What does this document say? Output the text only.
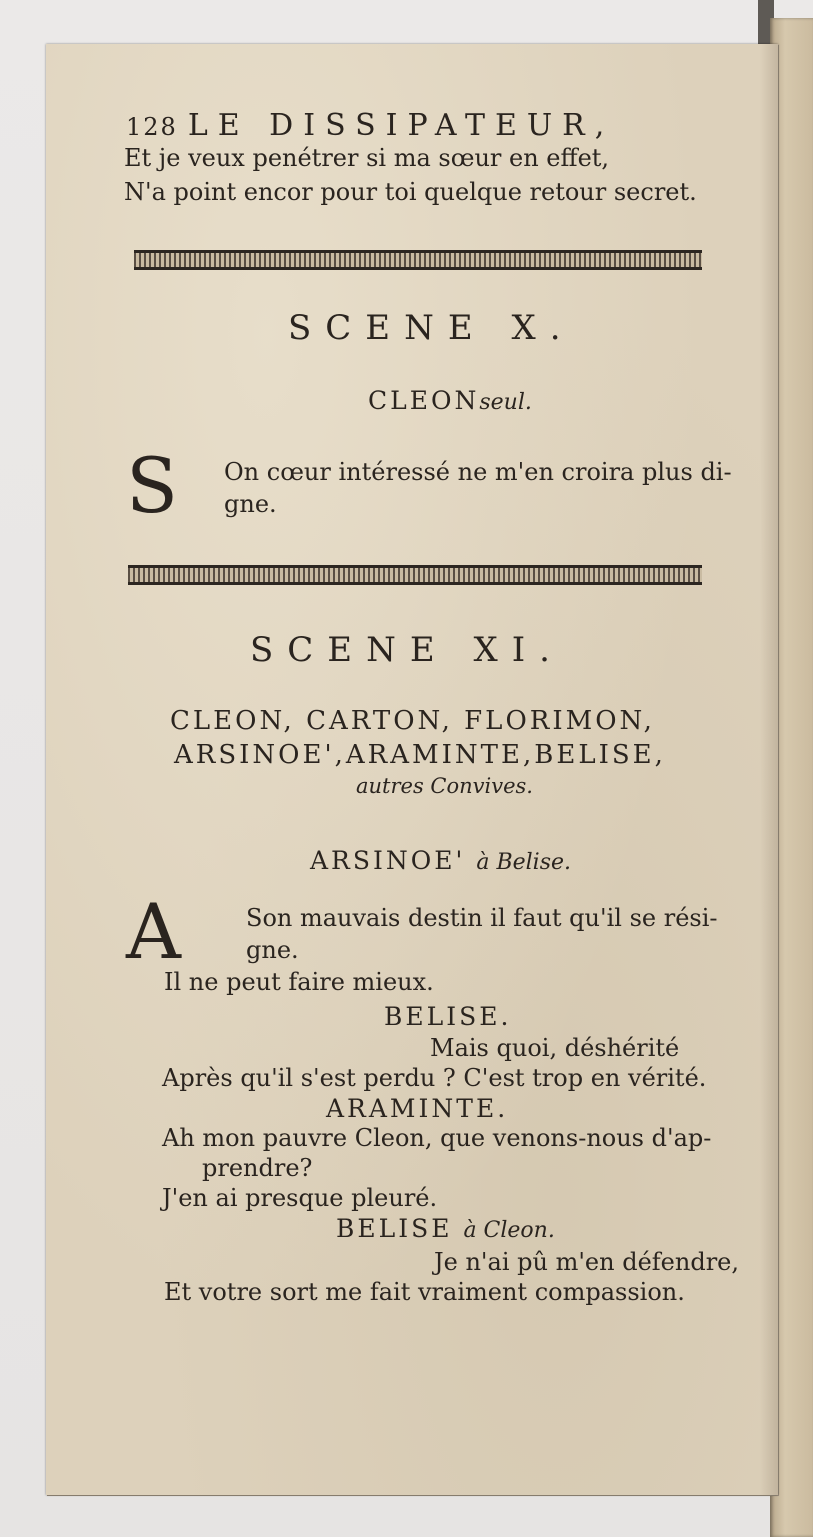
128 LE DISSIPATEUR,
Et je veux penétrer si ma sœur en effet,
N'a point encor pour toi quelque retour secret.
SCENE X.
CLEONseul.
S On cœur intéressé ne m'en croira plus di-
gne.
SCENE XI.
CLEON, CARTON, FLORIMON,
ARSINOE',ARAMINTE,BELISE,
autres Convives.
ARSINOE' à Belise.
A	Son mauvais destin il faut qu'il se rési-
gne.
Il ne peut faire mieux.
BELISE.
Mais quoi, déshérité
Après qu'il s'est perdu ? C'est trop en vérité.
ARAMINTE.
Ah mon pauvre Cleon, que venons-nous d'ap-
prendre?
J'en ai presque pleuré.
BELISE à Cleon.
Je n'ai pû m'en défendre,
Et votre sort me fait vraiment compassion.
